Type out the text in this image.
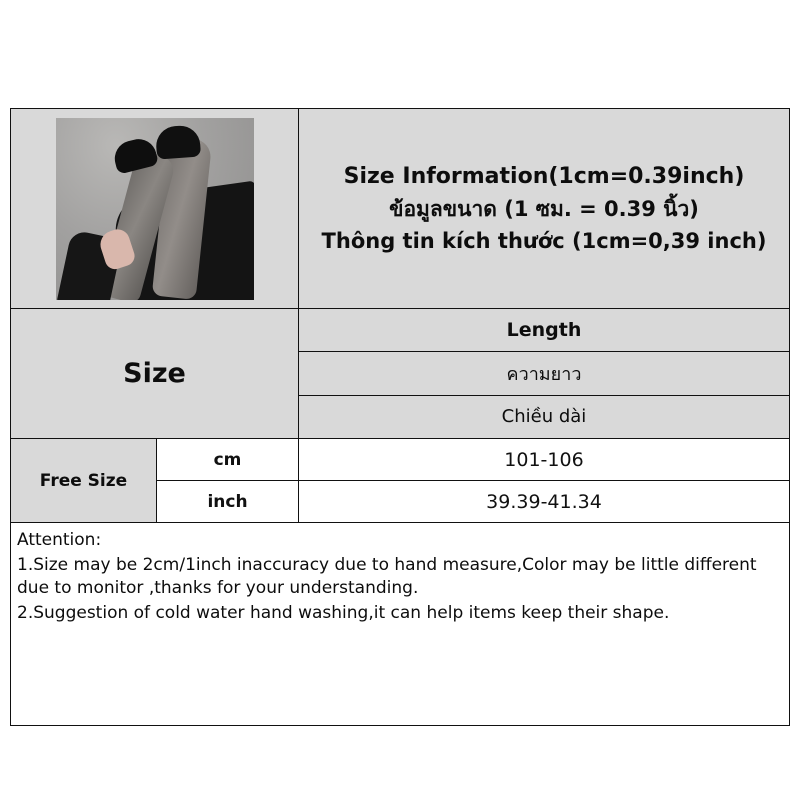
Size Information(1cm=0.39inch)
ข้อมูลขนาด (1 ซม. = 0.39 นิ้ว)
Thông tin kích thước (1cm=0,39 inch)
Size
Length
ความยาว
Chiều dài
Free Size
cm
inch
101-106
39.39-41.34

Attention:

1.Size may be 2cm/1inch inaccuracy due to hand measure,Color may be little different due to monitor ,thanks for your understanding.

2.Suggestion of cold water hand washing,it can help items keep their shape.
